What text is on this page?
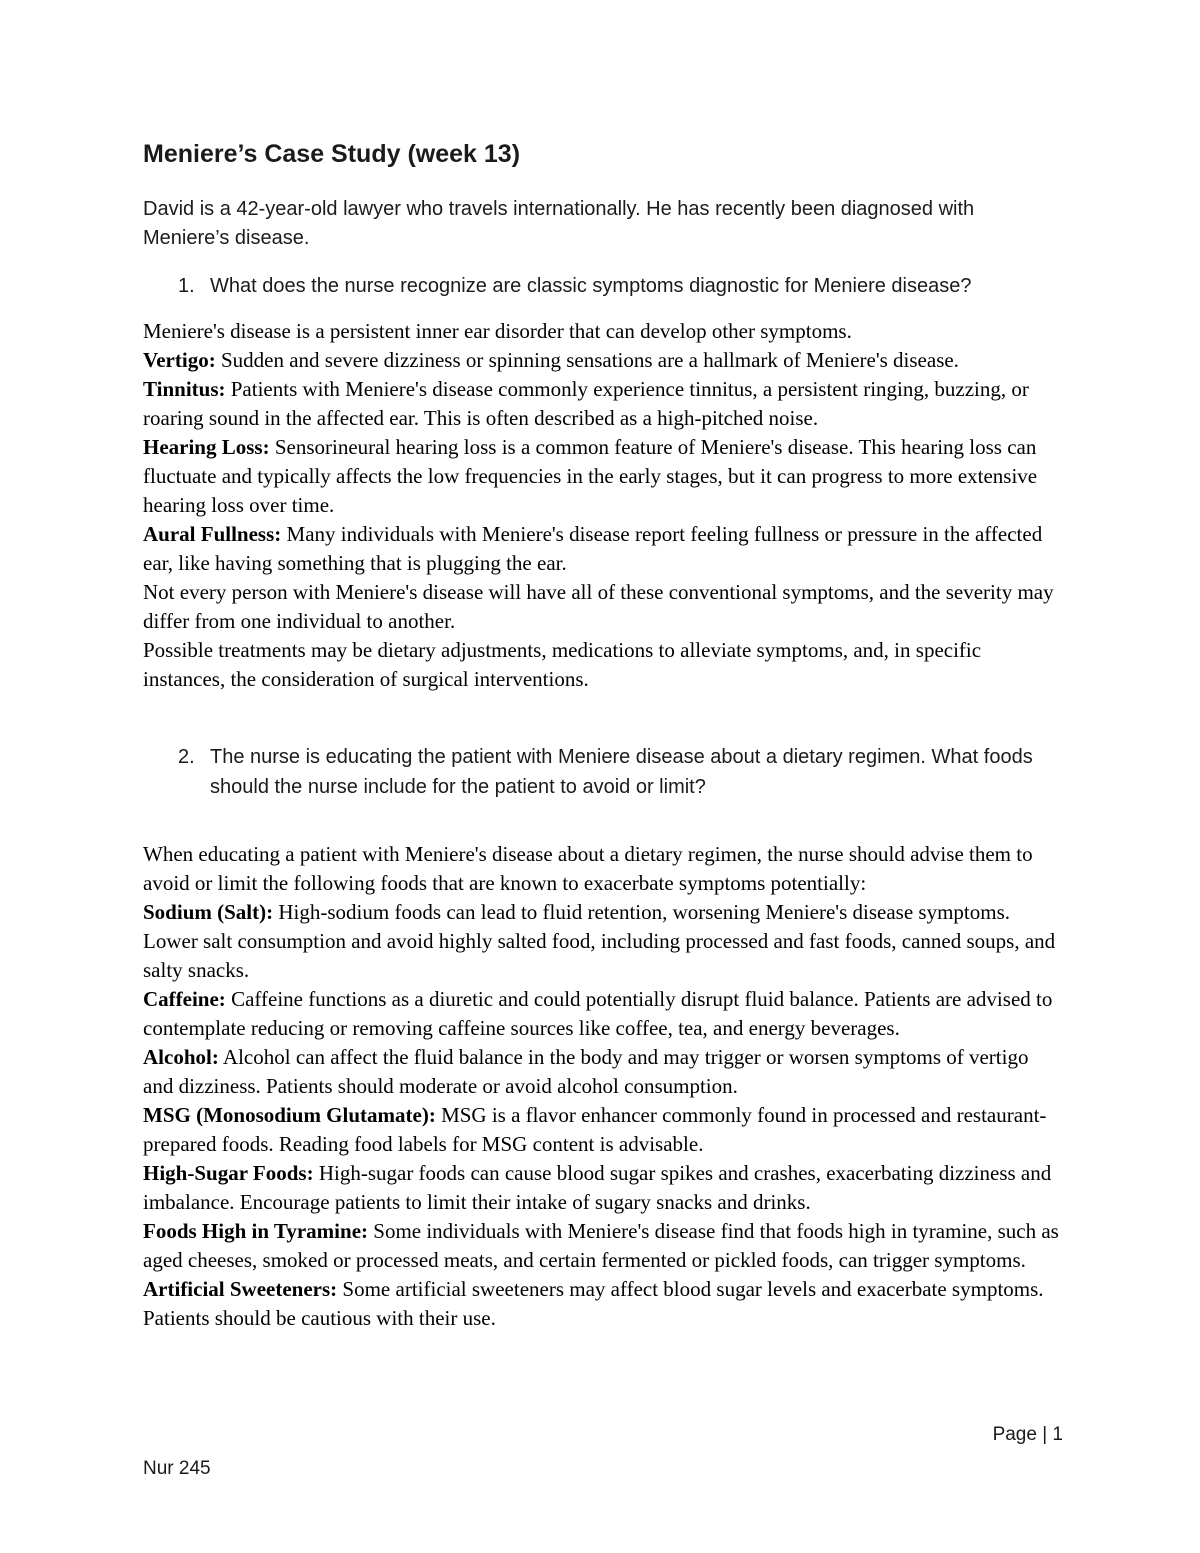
Meniere’s Case Study (week 13)

David is a 42-year-old lawyer who travels internationally. He has recently been diagnosed with Meniere’s disease.

1. What does the nurse recognize are classic symptoms diagnostic for Meniere disease?

Meniere's disease is a persistent inner ear disorder that can develop other symptoms.

Vertigo: Sudden and severe dizziness or spinning sensations are a hallmark of Meniere's disease.

Tinnitus: Patients with Meniere's disease commonly experience tinnitus, a persistent ringing, buzzing, or roaring sound in the affected ear. This is often described as a high-pitched noise.

Hearing Loss: Sensorineural hearing loss is a common feature of Meniere's disease. This hearing loss can fluctuate and typically affects the low frequencies in the early stages, but it can progress to more extensive hearing loss over time.

Aural Fullness: Many individuals with Meniere's disease report feeling fullness or pressure in the affected ear, like having something that is plugging the ear.

Not every person with Meniere's disease will have all of these conventional symptoms, and the severity may differ from one individual to another.

Possible treatments may be dietary adjustments, medications to alleviate symptoms, and, in specific instances, the consideration of surgical interventions.

2. The nurse is educating the patient with Meniere disease about a dietary regimen. What foods should the nurse include for the patient to avoid or limit?

When educating a patient with Meniere's disease about a dietary regimen, the nurse should advise them to avoid or limit the following foods that are known to exacerbate symptoms potentially:

Sodium (Salt): High-sodium foods can lead to fluid retention, worsening Meniere's disease symptoms. Lower salt consumption and avoid highly salted food, including processed and fast foods, canned soups, and salty snacks.

Caffeine: Caffeine functions as a diuretic and could potentially disrupt fluid balance. Patients are advised to contemplate reducing or removing caffeine sources like coffee, tea, and energy beverages.

Alcohol: Alcohol can affect the fluid balance in the body and may trigger or worsen symptoms of vertigo and dizziness. Patients should moderate or avoid alcohol consumption.

MSG (Monosodium Glutamate): MSG is a flavor enhancer commonly found in processed and restaurant-prepared foods. Reading food labels for MSG content is advisable.

High-Sugar Foods: High-sugar foods can cause blood sugar spikes and crashes, exacerbating dizziness and imbalance. Encourage patients to limit their intake of sugary snacks and drinks.

Foods High in Tyramine: Some individuals with Meniere's disease find that foods high in tyramine, such as aged cheeses, smoked or processed meats, and certain fermented or pickled foods, can trigger symptoms.

Artificial Sweeteners: Some artificial sweeteners may affect blood sugar levels and exacerbate symptoms. Patients should be cautious with their use.

Page | 1
Nur 245
